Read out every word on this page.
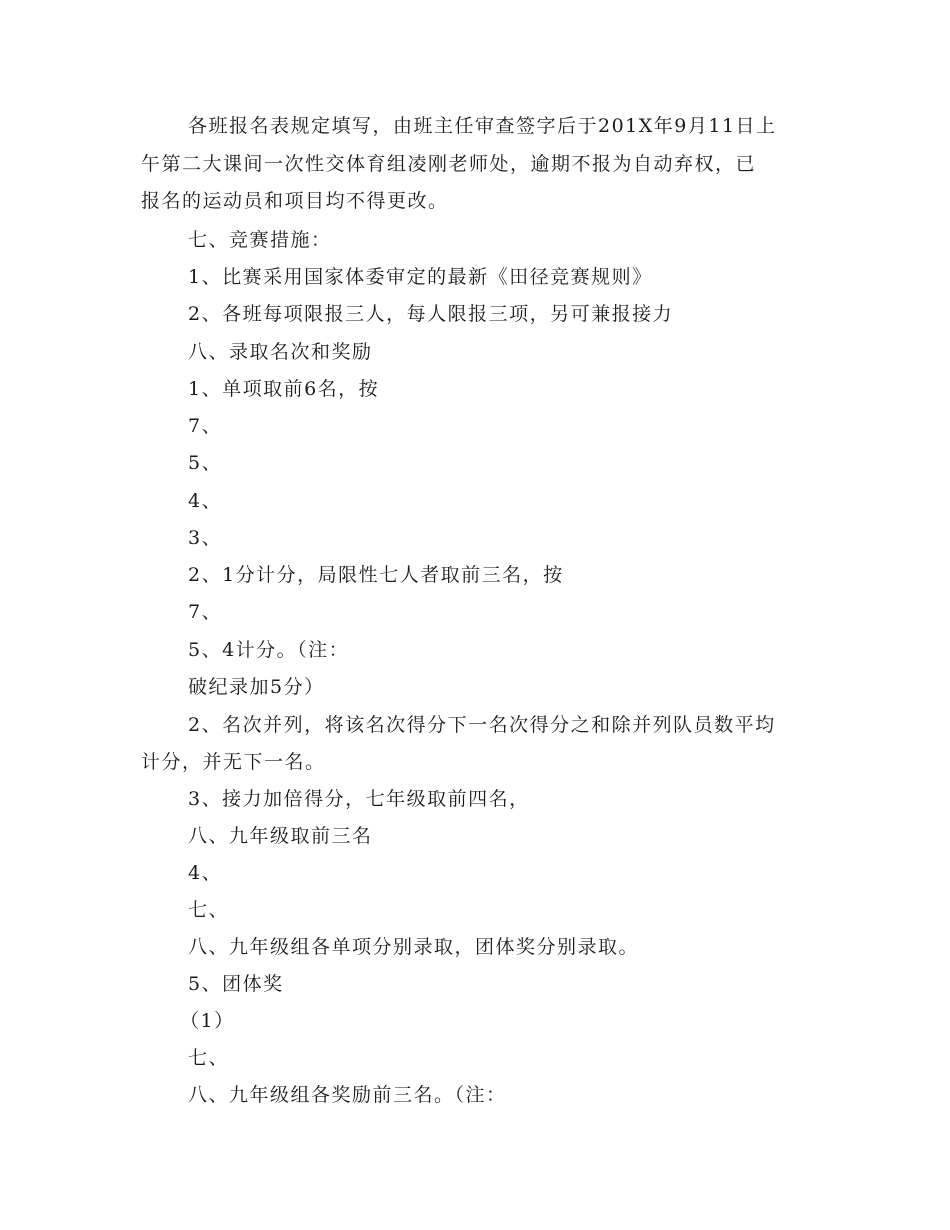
各班报名表规定填写，由班主任审查签字后于201X年9月11日上
午第二大课间一次性交体育组凌刚老师处，逾期不报为自动弃权，已
报名的运动员和项目均不得更改。
七、竞赛措施：
1、比赛采用国家体委审定的最新《田径竞赛规则》
2、各班每项限报三人，每人限报三项，另可兼报接力
八、录取名次和奖励
1、单项取前6名，按
7、
5、
4、
3、
2、1分计分，局限性七人者取前三名，按
7、
5、4计分。（注：
破纪录加5分）
2、名次并列，将该名次得分下一名次得分之和除并列队员数平均
计分，并无下一名。
3、接力加倍得分，七年级取前四名，
八、九年级取前三名
4、
七、
八、九年级组各单项分别录取，团体奖分别录取。
5、团体奖
（1）
七、
八、九年级组各奖励前三名。（注：
